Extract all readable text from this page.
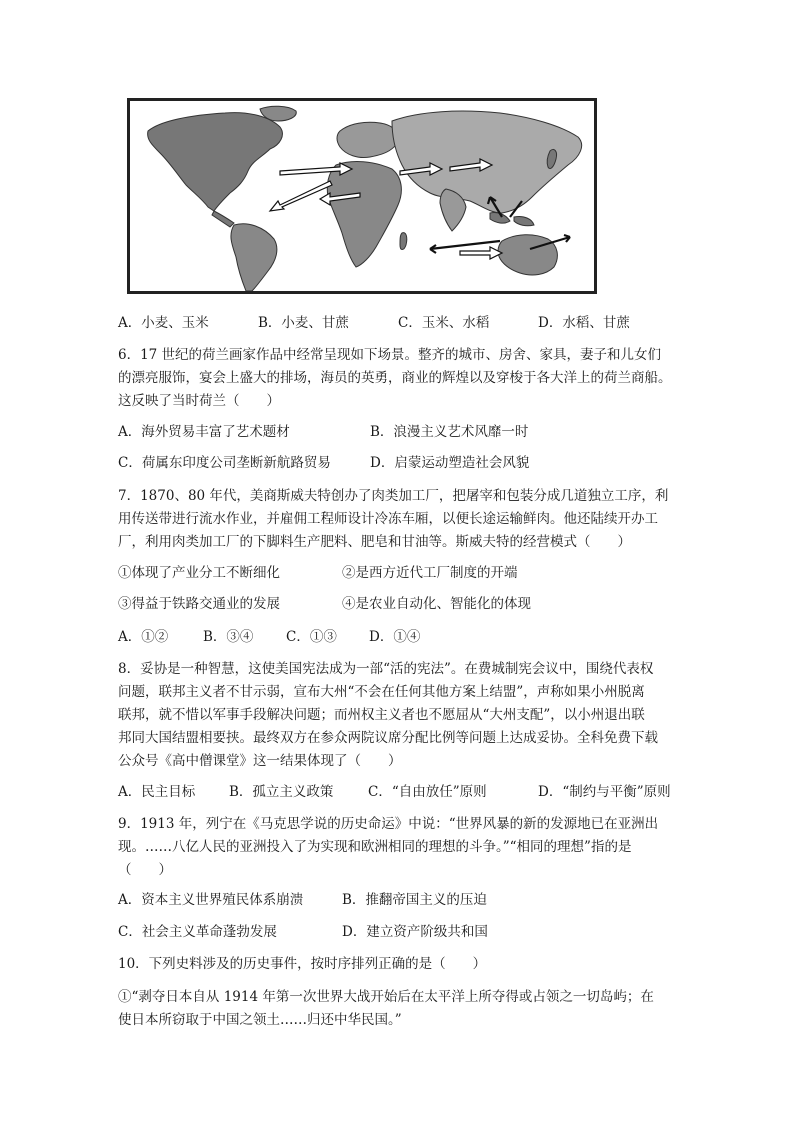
A．小麦、玉米	B．小麦、甘蔗	C．玉米、水稻	D．水稻、甘蔗
6．17 世纪的荷兰画家作品中经常呈现如下场景。整齐的城市、房舍、家具，妻子和儿女们
的漂亮服饰，宴会上盛大的排场，海员的英勇，商业的辉煌以及穿梭于各大洋上的荷兰商船。
这反映了当时荷兰（　　）
A．海外贸易丰富了艺术题材	B．浪漫主义艺术风靡一时
C．荷属东印度公司垄断新航路贸易	D．启蒙运动塑造社会风貌
7．1870、80 年代，美商斯威夫特创办了肉类加工厂，把屠宰和包装分成几道独立工序，利
用传送带进行流水作业，并雇佣工程师设计冷冻车厢，以便长途运输鲜肉。他还陆续开办工
厂，利用肉类加工厂的下脚料生产肥料、肥皂和甘油等。斯威夫特的经营模式（　　）
①体现了产业分工不断细化	②是西方近代工厂制度的开端
③得益于铁路交通业的发展	④是农业自动化、智能化的体现
A．①②	B．③④ C．①③ D．①④
8．妥协是一种智慧，这使美国宪法成为一部“活的宪法”。在费城制宪会议中，围绕代表权
问题，联邦主义者不甘示弱，宣布大州“不会在任何其他方案上结盟”，声称如果小州脱离
联邦，就不惜以军事手段解决问题；而州权主义者也不愿屈从“大州支配”，以小州退出联
邦同大国结盟相要挟。最终双方在参众两院议席分配比例等问题上达成妥协。全科免费下载
公众号《高中僧课堂》这一结果体现了（　　）
A．民主目标	B．孤立主义政策	C．“自由放任”原则	D．“制约与平衡”原则
9．1913 年，列宁在《马克思学说的历史命运》中说：“世界风暴的新的发源地已在亚洲出
现。……八亿人民的亚洲投入了为实现和欧洲相同的理想的斗争。”“相同的理想”指的是
（　　）
A．资本主义世界殖民体系崩溃	B．推翻帝国主义的压迫
C．社会主义革命蓬勃发展	D．建立资产阶级共和国
10．下列史料涉及的历史事件，按时序排列正确的是（　　）
①“剥夺日本自从 1914 年第一次世界大战开始后在太平洋上所夺得或占领之一切岛屿；在
使日本所窃取于中国之领土……归还中华民国。”
